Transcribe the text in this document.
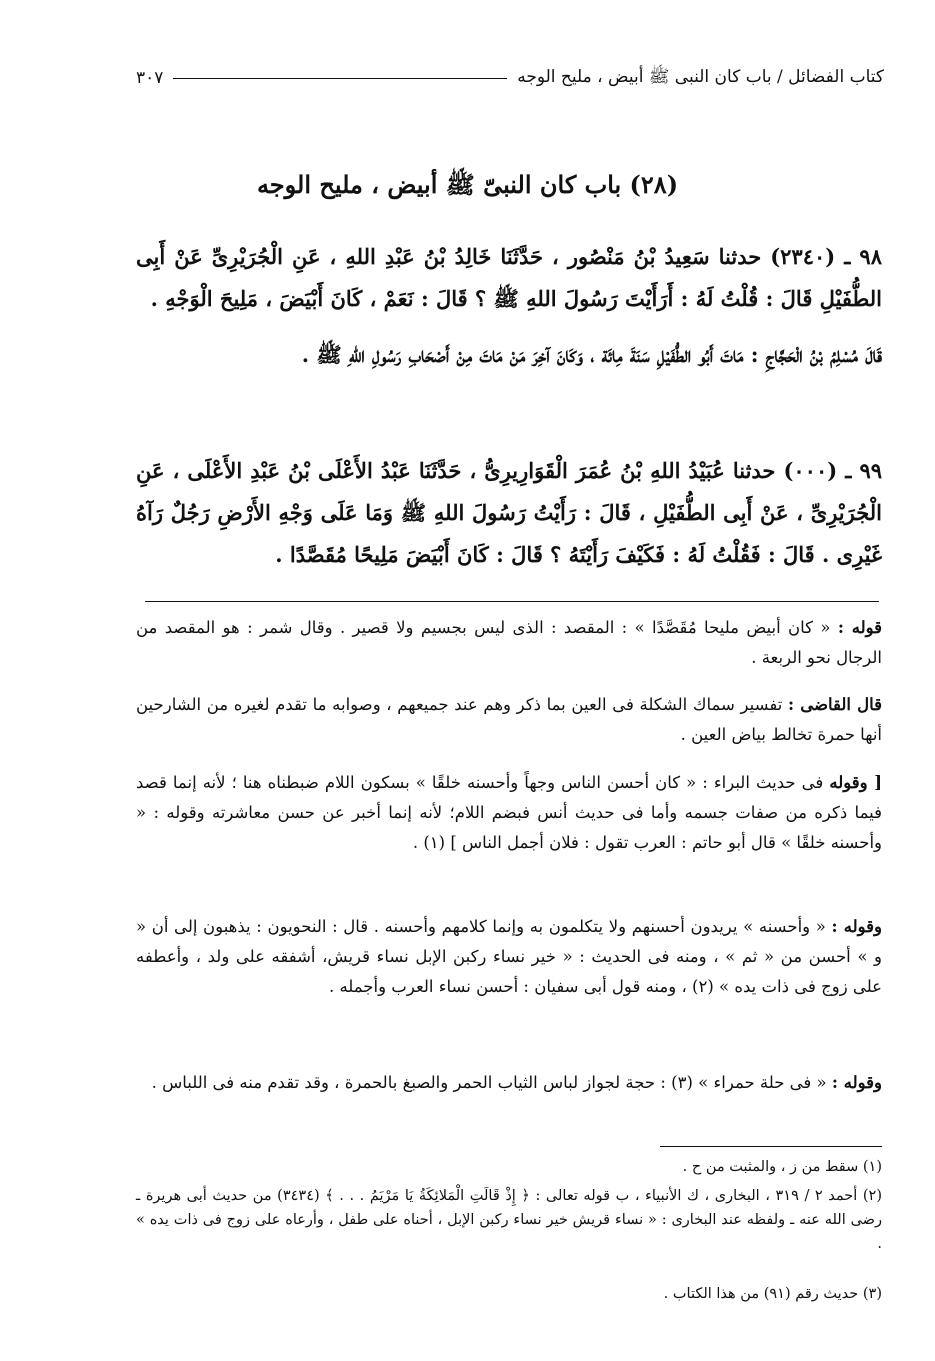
كتاب الفضائل / باب كان النبى ﷺ أبيض ، مليح الوجه
٣٠٧
(٢٨) باب كان النبىّ ﷺ أبيض ، مليح الوجه
٩٨ ـ (٢٣٤٠) حدثنا سَعِيدُ بْنُ مَنْصُور ، حَدَّثَنَا خَالِدُ بْنُ عَبْدِ اللهِ ، عَنِ الْجُرَيْرِىِّ عَنْ أَبِى الطُّفَيْلِ قَالَ : قُلْتُ لَهُ : أَرَأَيْتَ رَسُولَ اللهِ ﷺ ؟ قَالَ : نَعَمْ ، كَانَ أَبْيَضَ ، مَلِيحَ الْوَجْهِ .
قَالَ مُسْلِمُ بْنُ الْحَجَّاجِ : مَاتَ أَبُو الطُّفَيْلِ سَنَةَ مِائَة ، وَكَانَ آخِرَ مَنْ مَاتَ مِنْ أَصْحَابِ رَسُولِ اللهِ ﷺ .
٩٩ ـ (٠٠٠) حدثنا عُبَيْدُ اللهِ بْنُ عُمَرَ الْقَوَارِيرِىُّ ، حَدَّثَنَا عَبْدُ الأَعْلَى بْنُ عَبْدِ الأَعْلَى ، عَنِ الْجُرَيْرِىِّ ، عَنْ أَبِى الطُّفَيْلِ ، قَالَ : رَأَيْتُ رَسُولَ اللهِ ﷺ وَمَا عَلَى وَجْهِ الأَرْضِ رَجُلٌ رَآهُ غَيْرِى . قَالَ : فَقُلْتُ لَهُ : فَكَيْفَ رَأَيْتَهُ ؟ قَالَ : كَانَ أَبْيَضَ مَلِيحًا مُقَصَّدًا .
قوله : « كان أبيض مليحا مُقَصَّدًا » : المقصد : الذى ليس بجسيم ولا قصير . وقال شمر : هو المقصد من الرجال نحو الربعة .
قال القاضى : تفسير سماك الشكلة فى العين بما ذكر وهم عند جميعهم ، وصوابه ما تقدم لغيره من الشارحين أنها حمرة تخالط بياض العين .
[ وقوله فى حديث البراء : « كان أحسن الناس وجهاً وأحسنه خلقًا » بسكون اللام ضبطناه هنا ؛ لأنه إنما قصد فيما ذكره من صفات جسمه وأما فى حديث أنس فبضم اللام؛ لأنه إنما أخبر عن حسن معاشرته وقوله : « وأحسنه خلقًا » قال أبو حاتم : العرب تقول : فلان أجمل الناس ] (١) .
وقوله : « وأحسنه » يريدون أحسنهم ولا يتكلمون به وإنما كلامهم وأحسنه . قال : النحويون : يذهبون إلى أن « و » أحسن من « ثم » ، ومنه فى الحديث : « خير نساء ركبن الإبل نساء قريش، أشفقه على ولد ، وأعطفه على زوج فى ذات يده » (٢) ، ومنه قول أبى سفيان : أحسن نساء العرب وأجمله .
وقوله : « فى حلة حمراء » (٣) : حجة لجواز لباس الثياب الحمر والصبغ بالحمرة ، وقد تقدم منه فى اللباس .
(١) سقط من ز ، والمثبت من ح .
(٢) أحمد ٢ / ٣١٩ ، البخارى ، ك الأنبياء ، ب قوله تعالى : ﴿ إِذْ قَالَتِ الْمَلائِكَةُ يَا مَرْيَمُ . . . ﴾ (٣٤٣٤) من حديث أبى هريرة ـ رضى الله عنه ـ ولفظه عند البخارى : « نساء قريش خير نساء ركبن الإبل ، أحناه على طفل ، وأرعاه على زوج فى ذات يده » .
(٣) حديث رقم (٩١) من هذا الكتاب .
